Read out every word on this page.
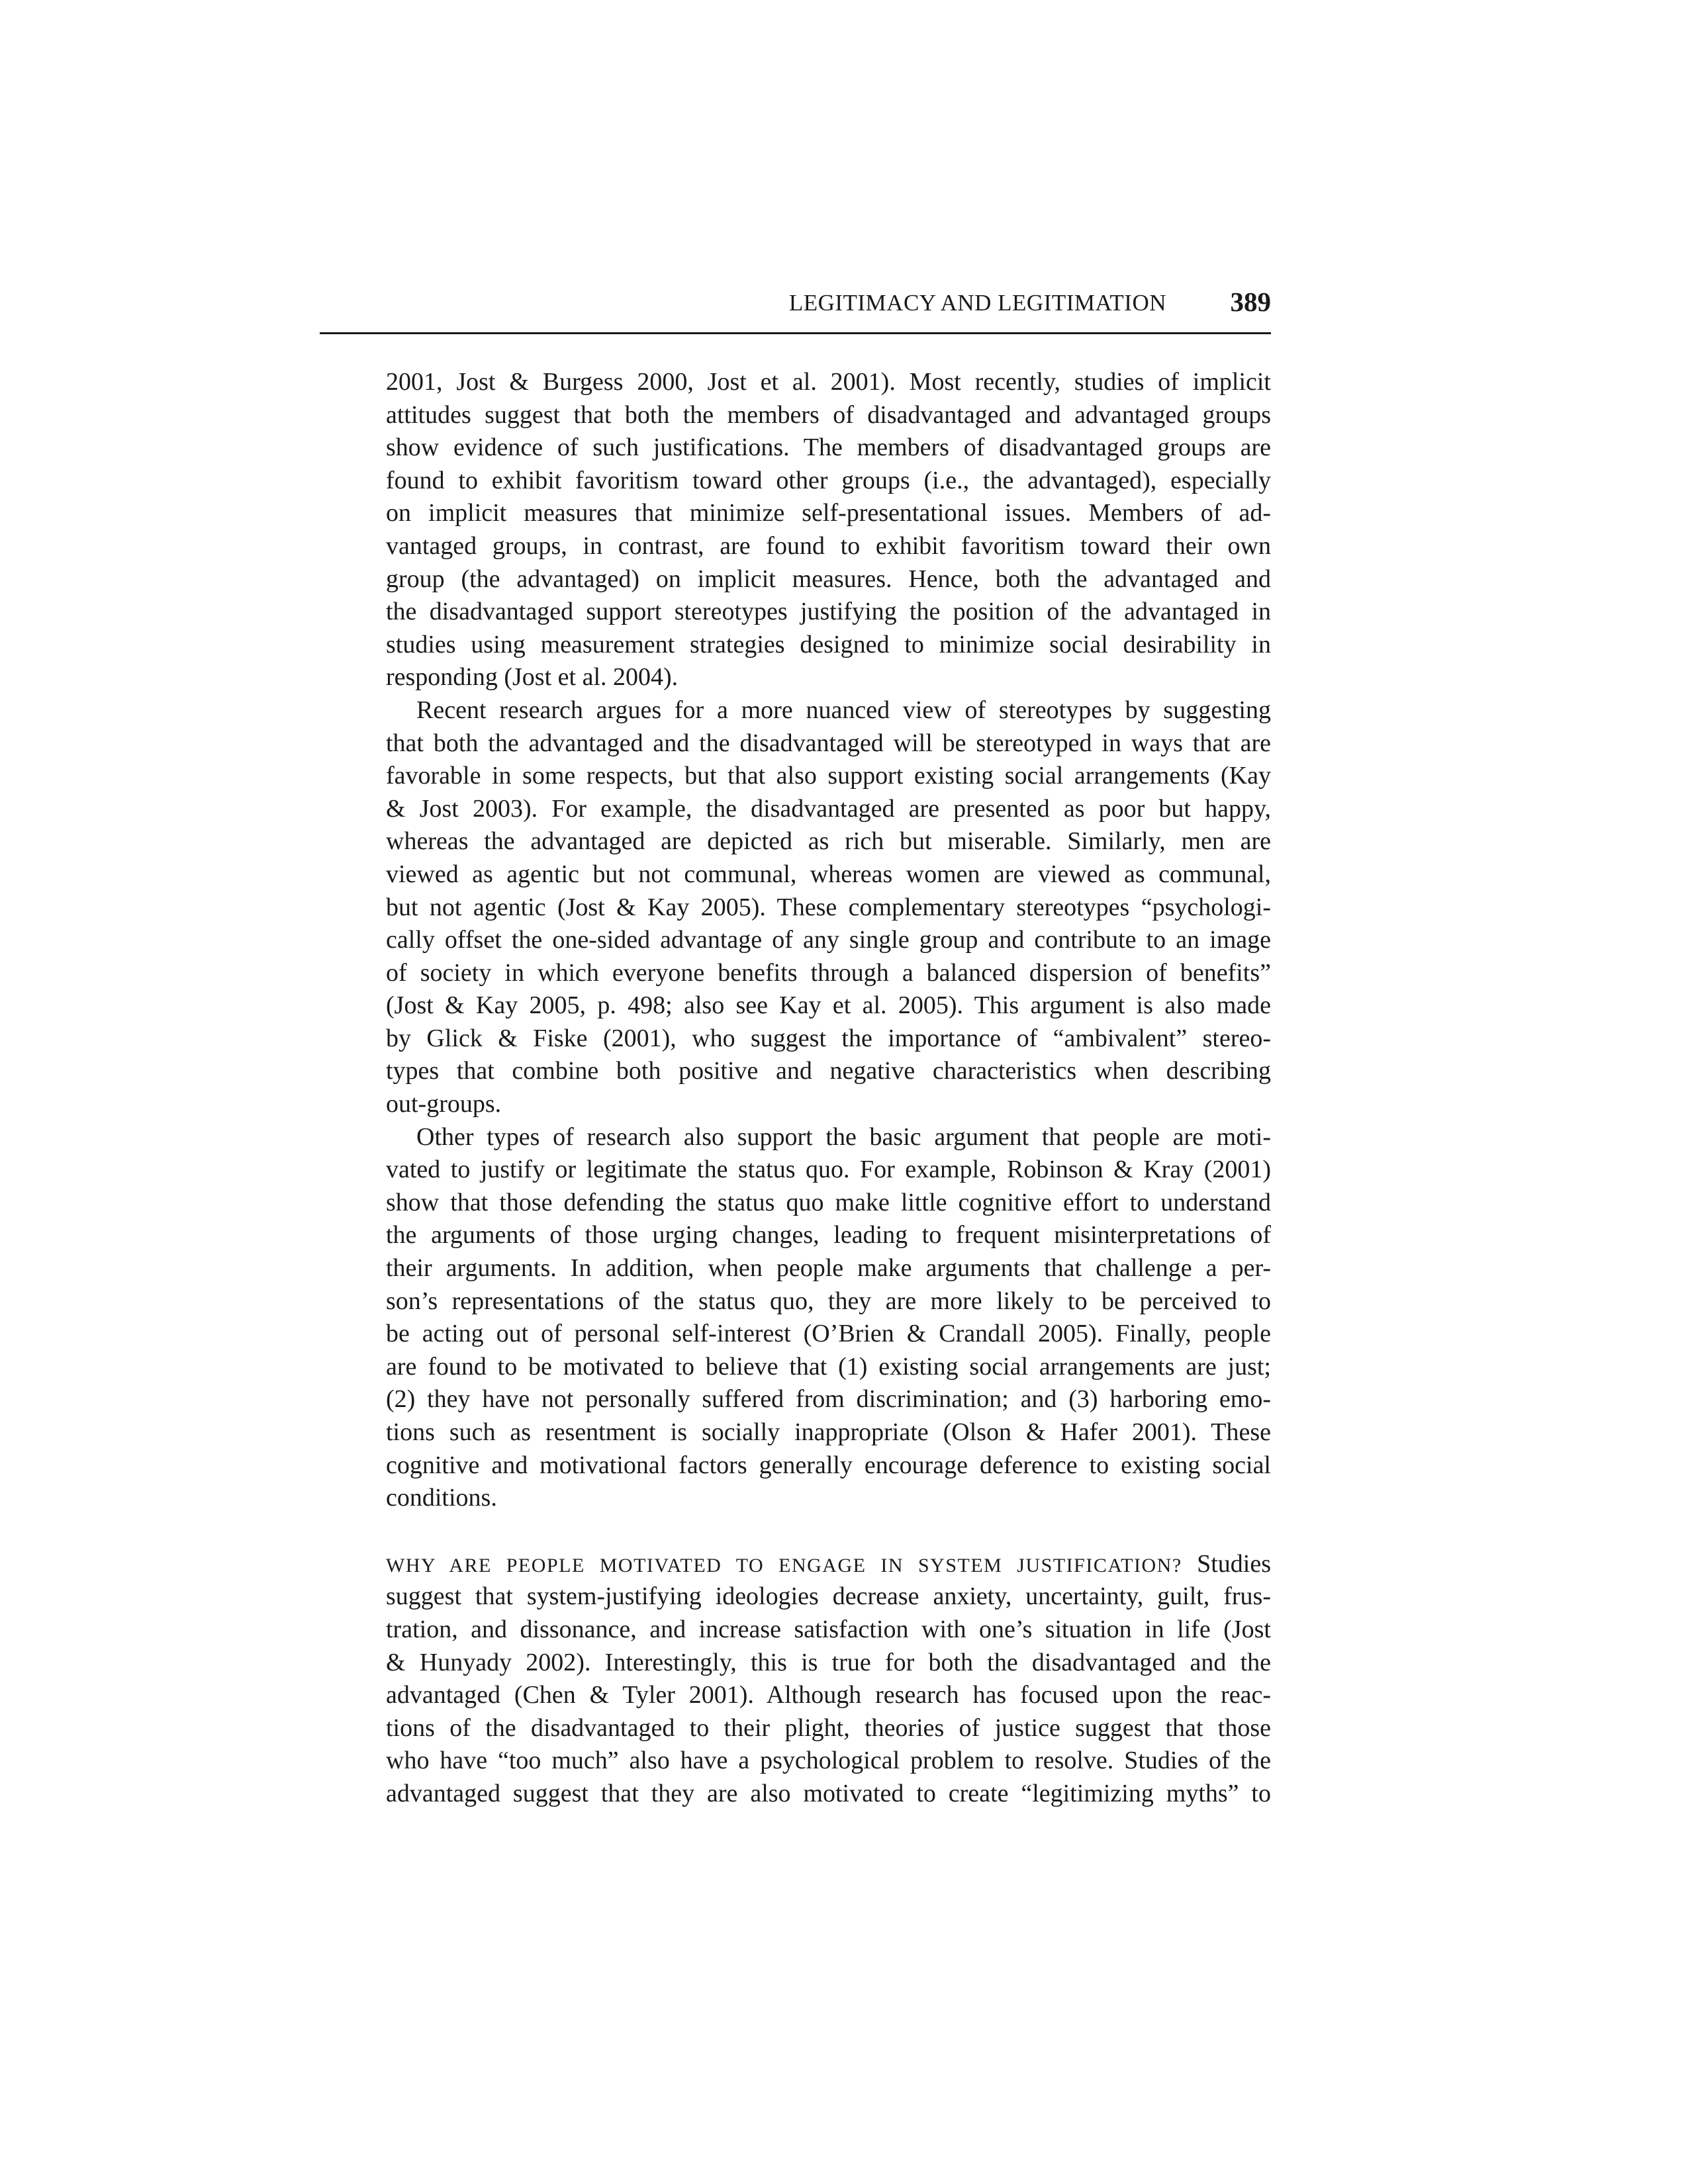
LEGITIMACY AND LEGITIMATION 389
2001, Jost & Burgess 2000, Jost et al. 2001). Most recently, studies of implicit
attitudes suggest that both the members of disadvantaged and advantaged groups
show evidence of such justifications. The members of disadvantaged groups are
found to exhibit favoritism toward other groups (i.e., the advantaged), especially
on implicit measures that minimize self-presentational issues. Members of ad-
vantaged groups, in contrast, are found to exhibit favoritism toward their own
group (the advantaged) on implicit measures. Hence, both the advantaged and
the disadvantaged support stereotypes justifying the position of the advantaged in
studies using measurement strategies designed to minimize social desirability in
responding (Jost et al. 2004).
Recent research argues for a more nuanced view of stereotypes by suggesting
that both the advantaged and the disadvantaged will be stereotyped in ways that are
favorable in some respects, but that also support existing social arrangements (Kay
& Jost 2003). For example, the disadvantaged are presented as poor but happy,
whereas the advantaged are depicted as rich but miserable. Similarly, men are
viewed as agentic but not communal, whereas women are viewed as communal,
but not agentic (Jost & Kay 2005). These complementary stereotypes “psychologi-
cally offset the one-sided advantage of any single group and contribute to an image
of society in which everyone benefits through a balanced dispersion of benefits”
(Jost & Kay 2005, p. 498; also see Kay et al. 2005). This argument is also made
by Glick & Fiske (2001), who suggest the importance of “ambivalent” stereo-
types that combine both positive and negative characteristics when describing
out-groups.
Other types of research also support the basic argument that people are moti-
vated to justify or legitimate the status quo. For example, Robinson & Kray (2001)
show that those defending the status quo make little cognitive effort to understand
the arguments of those urging changes, leading to frequent misinterpretations of
their arguments. In addition, when people make arguments that challenge a per-
son’s representations of the status quo, they are more likely to be perceived to
be acting out of personal self-interest (O’Brien & Crandall 2005). Finally, people
are found to be motivated to believe that (1) existing social arrangements are just;
(2) they have not personally suffered from discrimination; and (3) harboring emo-
tions such as resentment is socially inappropriate (Olson & Hafer 2001). These
cognitive and motivational factors generally encourage deference to existing social
conditions.
WHY ARE PEOPLE MOTIVATED TO ENGAGE IN SYSTEM JUSTIFICATION? Studies
suggest that system-justifying ideologies decrease anxiety, uncertainty, guilt, frus-
tration, and dissonance, and increase satisfaction with one’s situation in life (Jost
& Hunyady 2002). Interestingly, this is true for both the disadvantaged and the
advantaged (Chen & Tyler 2001). Although research has focused upon the reac-
tions of the disadvantaged to their plight, theories of justice suggest that those
who have “too much” also have a psychological problem to resolve. Studies of the
advantaged suggest that they are also motivated to create “legitimizing myths” to
